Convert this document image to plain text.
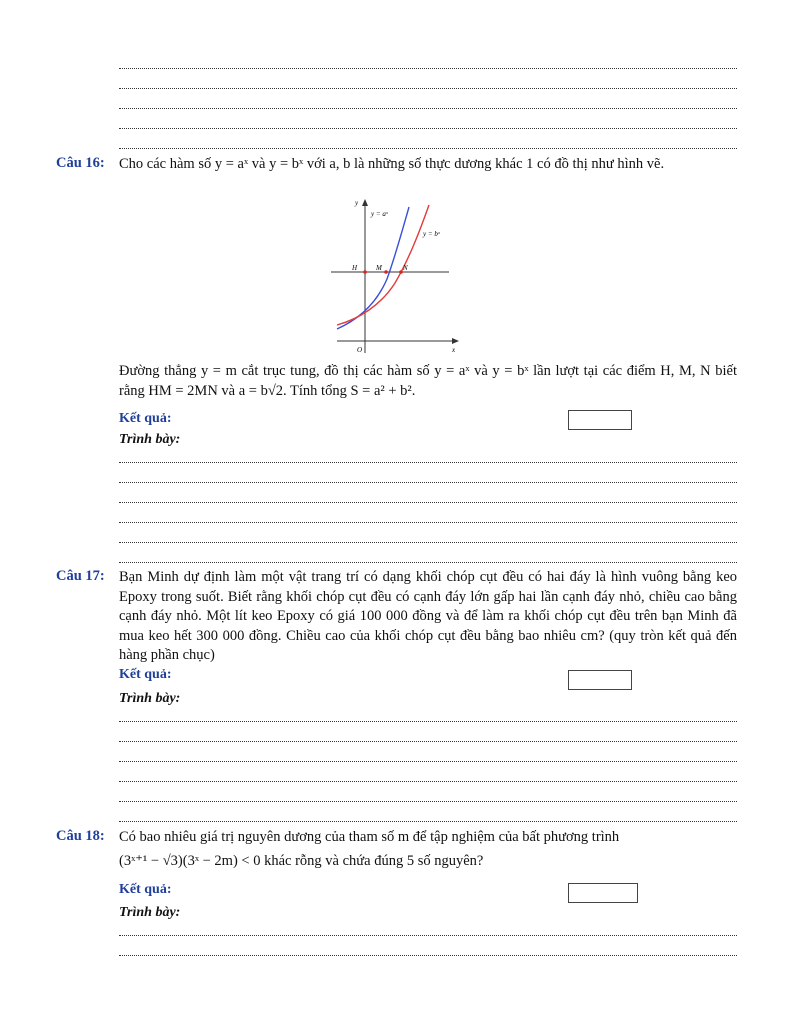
Câu 16: Cho các hàm số y = aˣ và y = bˣ với a, b là những số thực dương khác 1 có đồ thị như hình vẽ.
y
x
O
y = aˣ
y = bˣ
H	M	N
Đường thẳng y = m cắt trục tung, đồ thị các hàm số y = aˣ và y = bˣ lần lượt tại các điểm H, M, N biết rằng HM = 2MN và a = b√2. Tính tổng S = a² + b².
Kết quả:
Trình bày:
Câu 17: Bạn Minh dự định làm một vật trang trí có dạng khối chóp cụt đều có hai đáy là hình vuông bằng keo Epoxy trong suốt. Biết rằng khối chóp cụt đều có cạnh đáy lớn gấp hai lần cạnh đáy nhỏ, chiều cao bằng cạnh đáy nhỏ. Một lít keo Epoxy có giá 100 000 đồng và để làm ra khối chóp cụt đều trên bạn Minh đã mua keo hết 300 000 đồng. Chiều cao của khối chóp cụt đều bằng bao nhiêu cm? (quy tròn kết quả đến hàng phần chục)
Kết quả:
Trình bày:
Câu 18: Có bao nhiêu giá trị nguyên dương của tham số m để tập nghiệm của bất phương trình
(3ˣ⁺¹ − √3)(3ˣ − 2m) < 0 khác rỗng và chứa đúng 5 số nguyên?
Kết quả:
Trình bày:
